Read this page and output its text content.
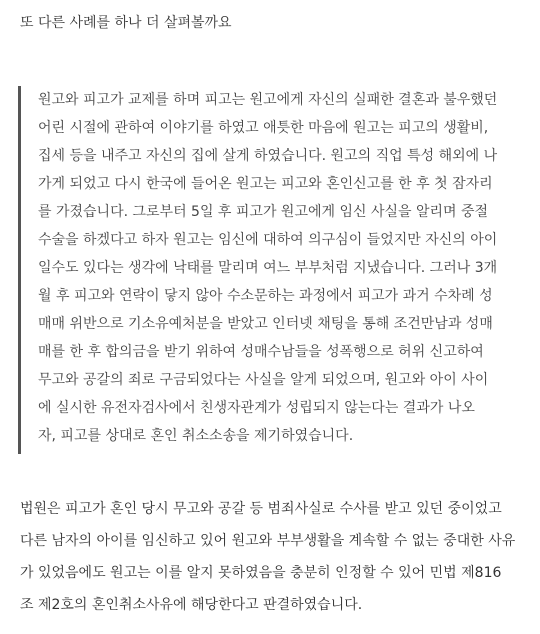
또 다른 사례를 하나 더 살펴볼까요
원고와 피고가 교제를 하며 피고는 원고에게 자신의 실패한 결혼과 불우했던
어린 시절에 관하여 이야기를 하였고 애틋한 마음에 원고는 피고의 생활비,
집세 등을 내주고 자신의 집에 살게 하였습니다. 원고의 직업 특성 해외에 나
가게 되었고 다시 한국에 들어온 원고는 피고와 혼인신고를 한 후 첫 잠자리
를 가졌습니다. 그로부터 5일 후 피고가 원고에게 임신 사실을 알리며 중절
수술을 하겠다고 하자 원고는 임신에 대하여 의구심이 들었지만 자신의 아이
일수도 있다는 생각에 낙태를 말리며 여느 부부처럼 지냈습니다. 그러나 3개
월 후 피고와 연락이 닿지 않아 수소문하는 과정에서 피고가 과거 수차례 성
매매 위반으로 기소유예처분을 받았고 인터넷 채팅을 통해 조건만남과 성매
매를 한 후 합의금을 받기 위하여 성매수남들을 성폭행으로 허위 신고하여
무고와 공갈의 죄로 구금되었다는 사실을 알게 되었으며, 원고와 아이 사이
에 실시한 유전자검사에서 친생자관계가 성립되지 않는다는 결과가 나오
자, 피고를 상대로 혼인 취소소송을 제기하였습니다.
법원은 피고가 혼인 당시 무고와 공갈 등 범죄사실로 수사를 받고 있던 중이었고
다른 남자의 아이를 임신하고 있어 원고와 부부생활을 계속할 수 없는 중대한 사유
가 있었음에도 원고는 이를 알지 못하였음을 충분히 인정할 수 있어 민법 제816
조 제2호의 혼인취소사유에 해당한다고 판결하였습니다.
